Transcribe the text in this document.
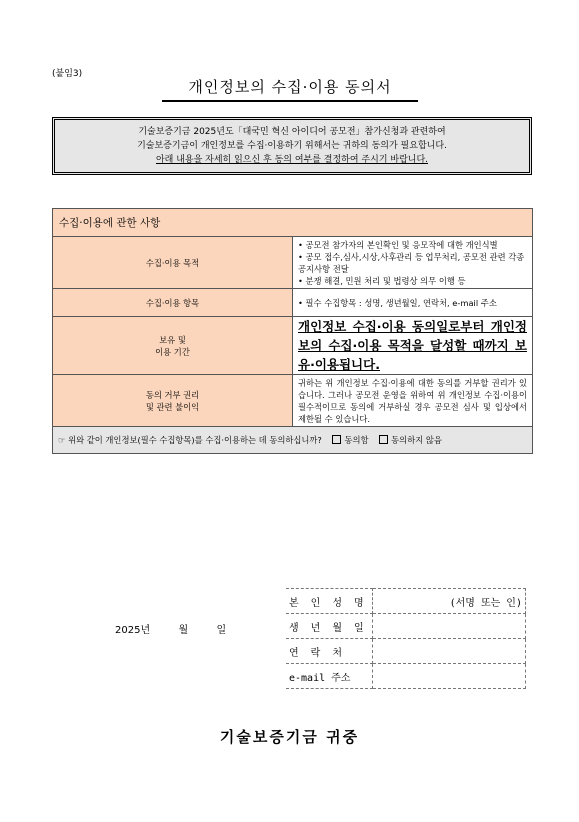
(붙임3)
개인정보의 수집·이용 동의서
기술보증기금 2025년도「대국민 혁신 아이디어 공모전」참가신청과 관련하여
기술보증기금이 개인정보를 수집·이용하기 위해서는 귀하의 동의가 필요합니다.
아래 내용을 자세히 읽으신 후 동의 여부를 결정하여 주시기 바랍니다.
수집·이용에 관한 사항	
수집·이용 목적	• 공모전 참가자의 본인확인 및 응모작에 대한 개인식별
• 공모 접수,심사,시상,사후관리 등 업무처리, 공모전 관련 각종 공지사항 전달
• 분쟁 해결, 민원 처리 및 법령상 의무 이행 등

수집·이용 항목	• 필수 수집항목 : 성명, 생년월일, 연락처, e-mail 주소

보유 및
이용 기간	개인정보 수집·이용 동의일로부터 개인정보의 수집·이용 목적을 달성할 때까지 보유·이용됩니다.

동의 거부 권리
및 관련 불이익	귀하는 위 개인정보 수집·이용에 대한 동의를 거부할 권리가 있습니다. 그러나 공모전 운영을 위하여 위 개인정보 수집·이용이 필수적이므로 동의에 거부하실 경우 공모전 심사 및 입상에서 제한될 수 있습니다.
☞ 위와 같이 개인정보(필수 수집항목)를 수집·이용하는 데 동의하십니까? 동의함 동의하지 않음	
2025년	월	일
본 인 성 명	(서명 또는 인)
생 년 월 일	
연 락 처	
e-mail 주소	
기술보증기금 귀중
